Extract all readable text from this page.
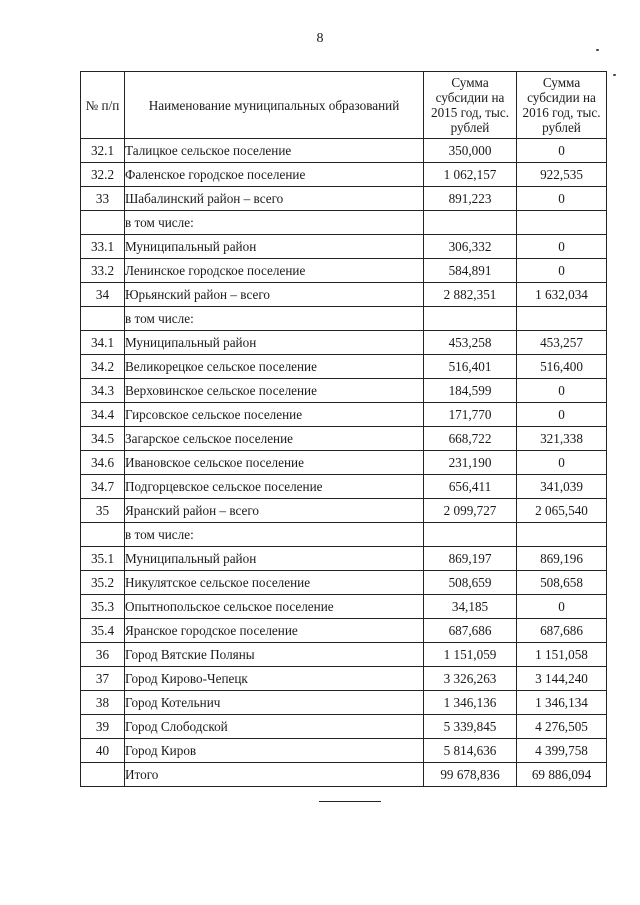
8
№ п/п	Наименование муниципальных образований	Сумма субсидии на 2015 год, тыс. рублей	Сумма субсидии на 2016 год, тыс. рублей
32.1	Талицкое сельское поселение	350,000	0
32.2	Фаленское городское поселение	1 062,157	922,535
33	Шабалинский район – всего	891,223	0
	в том числе:		
33.1	Муниципальный район	306,332	0
33.2	Ленинское городское поселение	584,891	0
34	Юрьянский район – всего	2 882,351	1 632,034
	в том числе:		
34.1	Муниципальный район	453,258	453,257
34.2	Великорецкое сельское поселение	516,401	516,400
34.3	Верховинское сельское поселение	184,599	0
34.4	Гирсовское сельское поселение	171,770	0
34.5	Загарское сельское поселение	668,722	321,338
34.6	Ивановское сельское поселение	231,190	0
34.7	Подгорцевское сельское поселение	656,411	341,039
35	Яранский район – всего	2 099,727	2 065,540
	в том числе:		
35.1	Муниципальный район	869,197	869,196
35.2	Никулятское сельское поселение	508,659	508,658
35.3	Опытнопольское сельское поселение	34,185	0
35.4	Яранское городское поселение	687,686	687,686
36	Город Вятские Поляны	1 151,059	1 151,058
37	Город Кирово-Чепецк	3 326,263	3 144,240
38	Город Котельнич	1 346,136	1 346,134
39	Город Слободской	5 339,845	4 276,505
40	Город Киров	5 814,636	4 399,758
	Итого	99 678,836	69 886,094
